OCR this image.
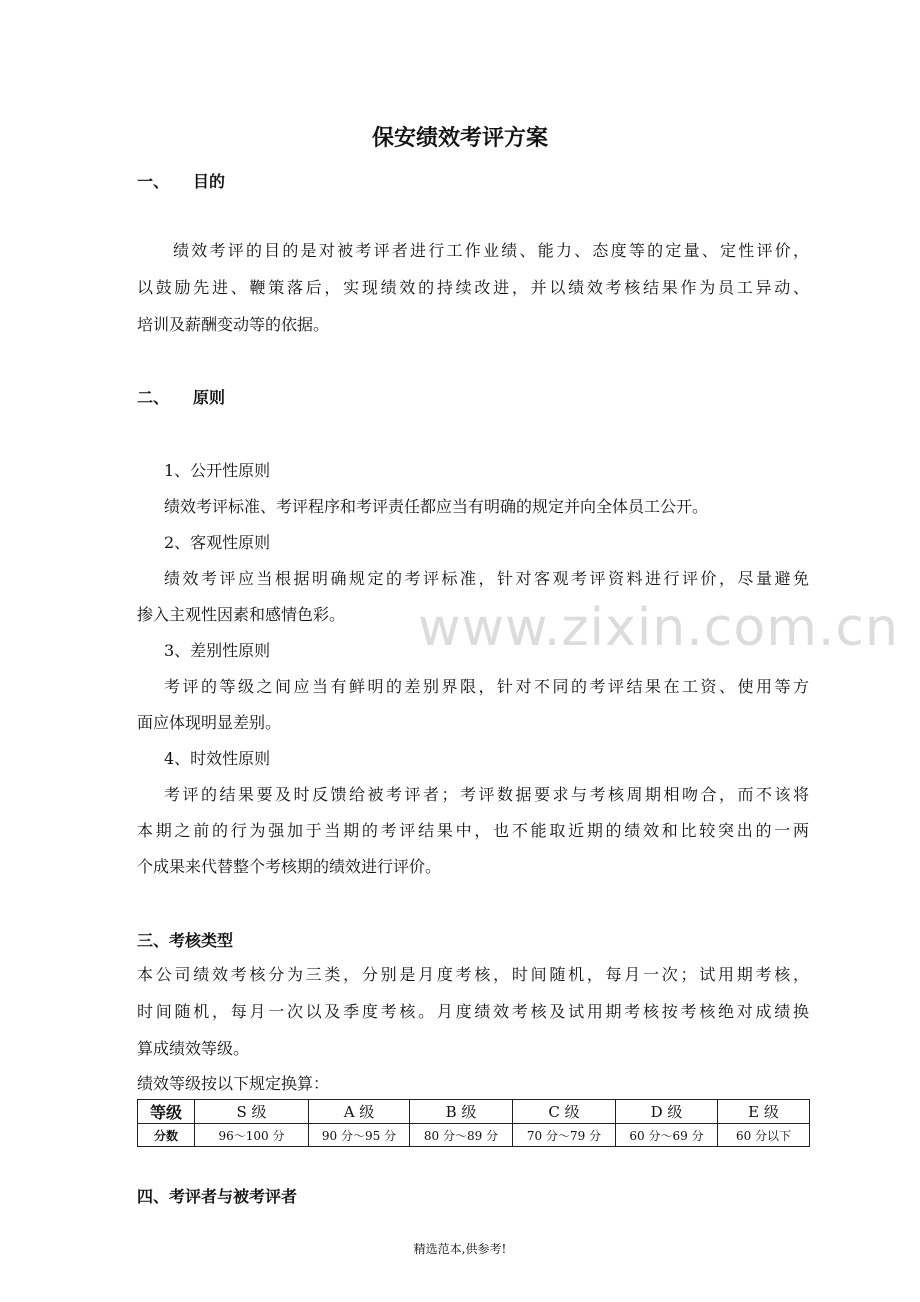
www.zixin.com.cn
保安绩效考评方案
一、 目的
绩效考评的目的是对被考评者进行工作业绩、能力、态度等的定量、定性评价，
以鼓励先进、鞭策落后，实现绩效的持续改进，并以绩效考核结果作为员工异动、
培训及薪酬变动等的依据。
二、 原则
1、公开性原则
绩效考评标准、考评程序和考评责任都应当有明确的规定并向全体员工公开。
2、客观性原则
绩效考评应当根据明确规定的考评标准，针对客观考评资料进行评价，尽量避免
掺入主观性因素和感情色彩。
3、差别性原则
考评的等级之间应当有鲜明的差别界限，针对不同的考评结果在工资、使用等方
面应体现明显差别。
4、时效性原则
考评的结果要及时反馈给被考评者；考评数据要求与考核周期相吻合，而不该将
本期之前的行为强加于当期的考评结果中，也不能取近期的绩效和比较突出的一两
个成果来代替整个考核期的绩效进行评价。
三、考核类型
本公司绩效考核分为三类，分别是月度考核，时间随机，每月一次；试用期考核，
时间随机，每月一次以及季度考核。月度绩效考核及试用期考核按考核绝对成绩换
算成绩效等级。
绩效等级按以下规定换算：
等级	S 级	A 级	B 级	C 级	D 级	E 级
分数	96～100 分	90 分～95 分	80 分～89 分	70 分～79 分	60 分～69 分	60 分以下
四、考评者与被考评者
精选范本,供参考!
